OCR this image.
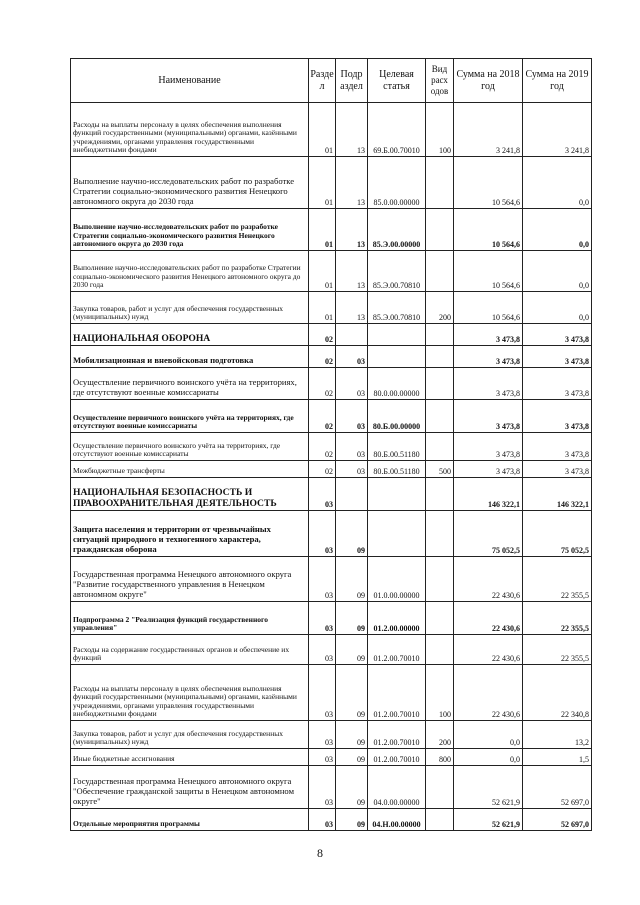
Наименование	Разде л	Подр аздел	Целевая статья	Вид расх одов	Сумма на 2018 год	Сумма на 2019 год
Расходы на выплаты персоналу в целях обеспечения выполнения функций государственными (муниципальными) органами, казёнными учреждениями, органами управления государственными внебюджетными фондами	01	13	69.Б.00.70010	100	3 241,8	3 241,8
Выполнение научно-исследовательских работ по разработке Стратегии социально-экономического развития Ненецкого автономного округа до 2030 года	01	13	85.0.00.00000		10 564,6	0,0
Выполнение научно-исследовательских работ по разработке Стратегии социально-экономического развития Ненецкого автономного округа до 2030 года	01	13	85.Э.00.00000		10 564,6	0,0
Выполнение научно-исследовательских работ по разработке Стратегии социально-экономического развития Ненецкого автономного округа до 2030 года	01	13	85.Э.00.70810		10 564,6	0,0
Закупка товаров, работ и услуг для обеспечения государственных (муниципальных) нужд	01	13	85.Э.00.70810	200	10 564,6	0,0
НАЦИОНАЛЬНАЯ ОБОРОНА	02				3 473,8	3 473,8
Мобилизационная и вневойсковая подготовка	02	03			3 473,8	3 473,8
Осуществление первичного воинского учёта на территориях, где отсутствуют военные комиссариаты	02	03	80.0.00.00000		3 473,8	3 473,8
Осуществление первичного воинского учёта на территориях, где отсутствуют военные комиссариаты	02	03	80.Б.00.00000		3 473,8	3 473,8
Осуществление первичного воинского учёта на территориях, где отсутствуют военные комиссариаты	02	03	80.Б.00.51180		3 473,8	3 473,8
Межбюджетные трансферты	02	03	80.Б.00.51180	500	3 473,8	3 473,8
НАЦИОНАЛЬНАЯ БЕЗОПАСНОСТЬ И ПРАВООХРАНИТЕЛЬНАЯ ДЕЯТЕЛЬНОСТЬ	03				146 322,1	146 322,1
Защита населения и территории от чрезвычайных ситуаций природного и техногенного характера, гражданская оборона	03	09			75 052,5	75 052,5
Государственная программа Ненецкого автономного округа "Развитие государственного управления в Ненецком автономном округе"	03	09	01.0.00.00000		22 430,6	22 355,5
Подпрограмма 2 "Реализация функций государственного управления"	03	09	01.2.00.00000		22 430,6	22 355,5
Расходы на содержание государственных органов и обеспечение их функций	03	09	01.2.00.70010		22 430,6	22 355,5
Расходы на выплаты персоналу в целях обеспечения выполнения функций государственными (муниципальными) органами, казёнными учреждениями, органами управления государственными внебюджетными фондами	03	09	01.2.00.70010	100	22 430,6	22 340,8
Закупка товаров, работ и услуг для обеспечения государственных (муниципальных) нужд	03	09	01.2.00.70010	200	0,0	13,2
Иные бюджетные ассигнования	03	09	01.2.00.70010	800	0,0	1,5
Государственная программа Ненецкого автономного округа "Обеспечение гражданской защиты в Ненецком автономном округе"	03	09	04.0.00.00000		52 621,9	52 697,0
Отдельные мероприятия программы	03	09	04.Н.00.00000		52 621,9	52 697,0
8
